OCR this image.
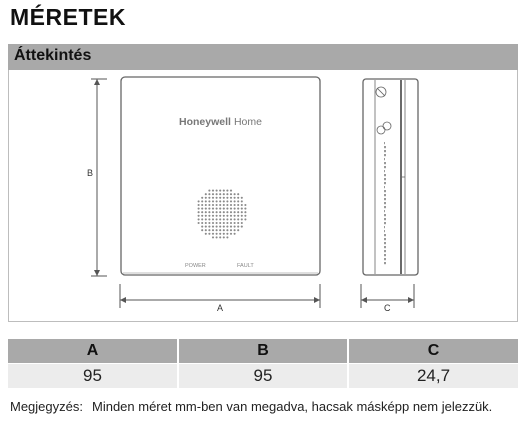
MÉRETEK
Áttekintés
B
Honeywell Home
POWER	FAULT
A	C
A	B	C
95	95	24,7
Megjegyzés: Minden méret mm-ben van megadva, hacsak másképp nem jelezzük.
